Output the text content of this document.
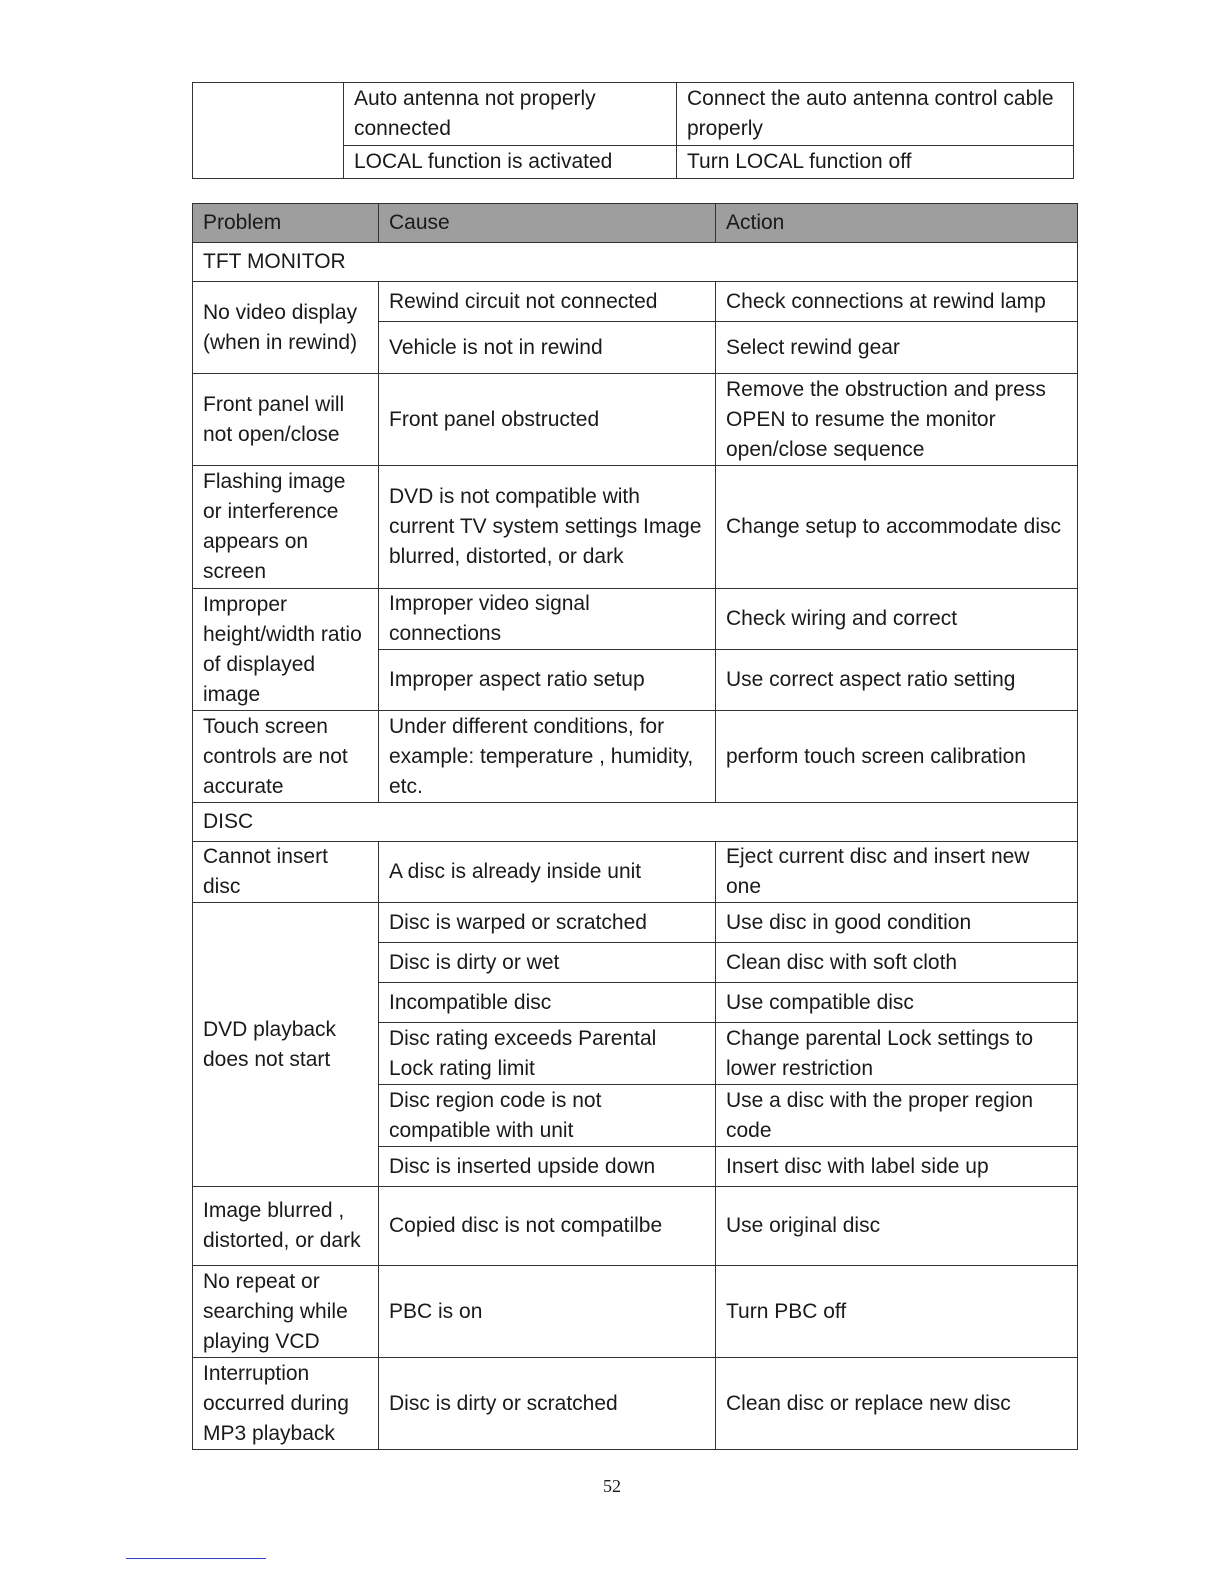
	Auto antenna not properly connected	Connect the auto antenna control cable properly
	LOCAL function is activated	Turn LOCAL function off
Problem	Cause	Action
TFT MONITOR		
No video display (when in rewind)	Rewind circuit not connected	Check connections at rewind lamp
	Vehicle is not in rewind	Select rewind gear
Front panel will not open/close	Front panel obstructed	Remove the obstruction and press OPEN to resume the monitor open/close sequence
Flashing image or interference appears on screen	DVD is not compatible with current TV system settings Image blurred, distorted, or dark	Change setup to accommodate disc
Improper height/width ratio of displayed image	Improper video signal connections	Check wiring and correct
	Improper aspect ratio setup	Use correct aspect ratio setting
Touch screen controls are not accurate	Under different conditions, for example: temperature , humidity, etc.	perform touch screen calibration
DISC		
Cannot insert disc	A disc is already inside unit	Eject current disc and insert new one
DVD playback does not start	Disc is warped or scratched	Use disc in good condition
	Disc is dirty or wet	Clean disc with soft cloth
	Incompatible disc	Use compatible disc
	Disc rating exceeds Parental Lock rating limit	Change parental Lock settings to lower restriction
	Disc region code is not compatible with unit	Use a disc with the proper region code
	Disc is inserted upside down	Insert disc with label side up
Image blurred , distorted, or dark	Copied disc is not compatilbe	Use original disc
No repeat or searching while playing VCD	PBC is on	Turn PBC off
Interruption occurred during MP3 playback	Disc is dirty or scratched	Clean disc or replace new disc
52
